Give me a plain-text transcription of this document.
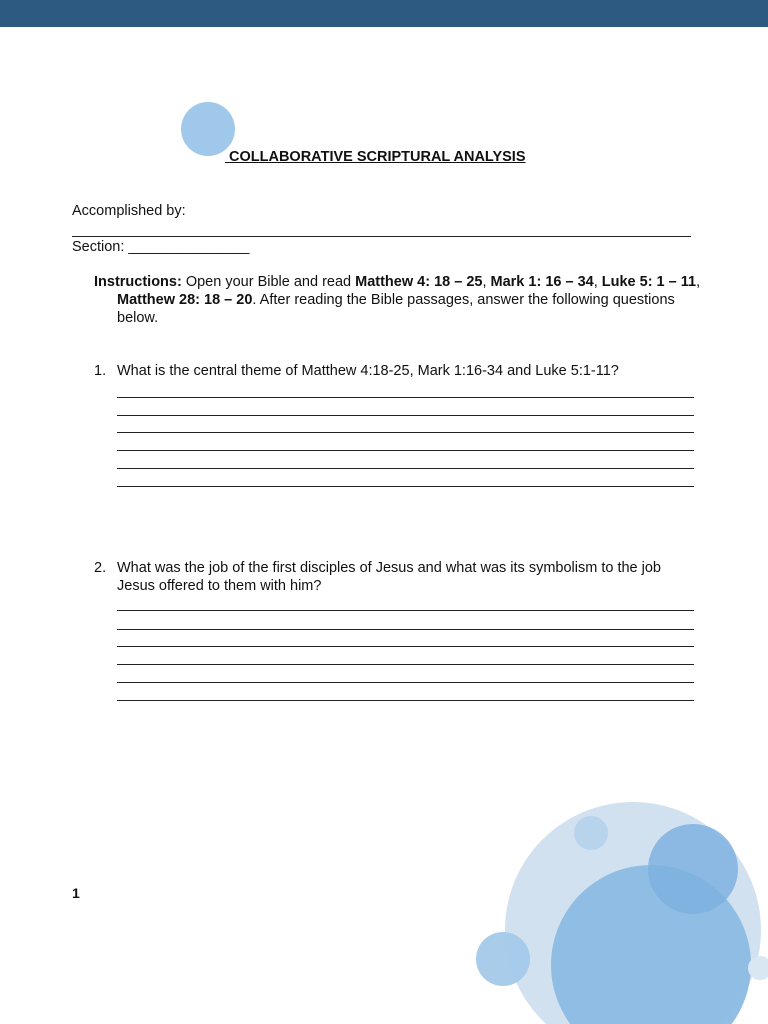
COLLABORATIVE SCRIPTURAL ANALYSIS

Accomplished by:

Section: _______________

Instructions: Open your Bible and read Matthew 4: 18 – 25, Mark 1: 16 – 34, Luke 5: 1 – 11, Matthew 28: 18 – 20. After reading the Bible passages, answer the following questions below.

1. What is the central theme of Matthew 4:18-25, Mark 1:16-34 and Luke 5:1-11?
2. What was the job of the first disciples of Jesus and what was its symbolism to the job Jesus offered to them with him?

1
